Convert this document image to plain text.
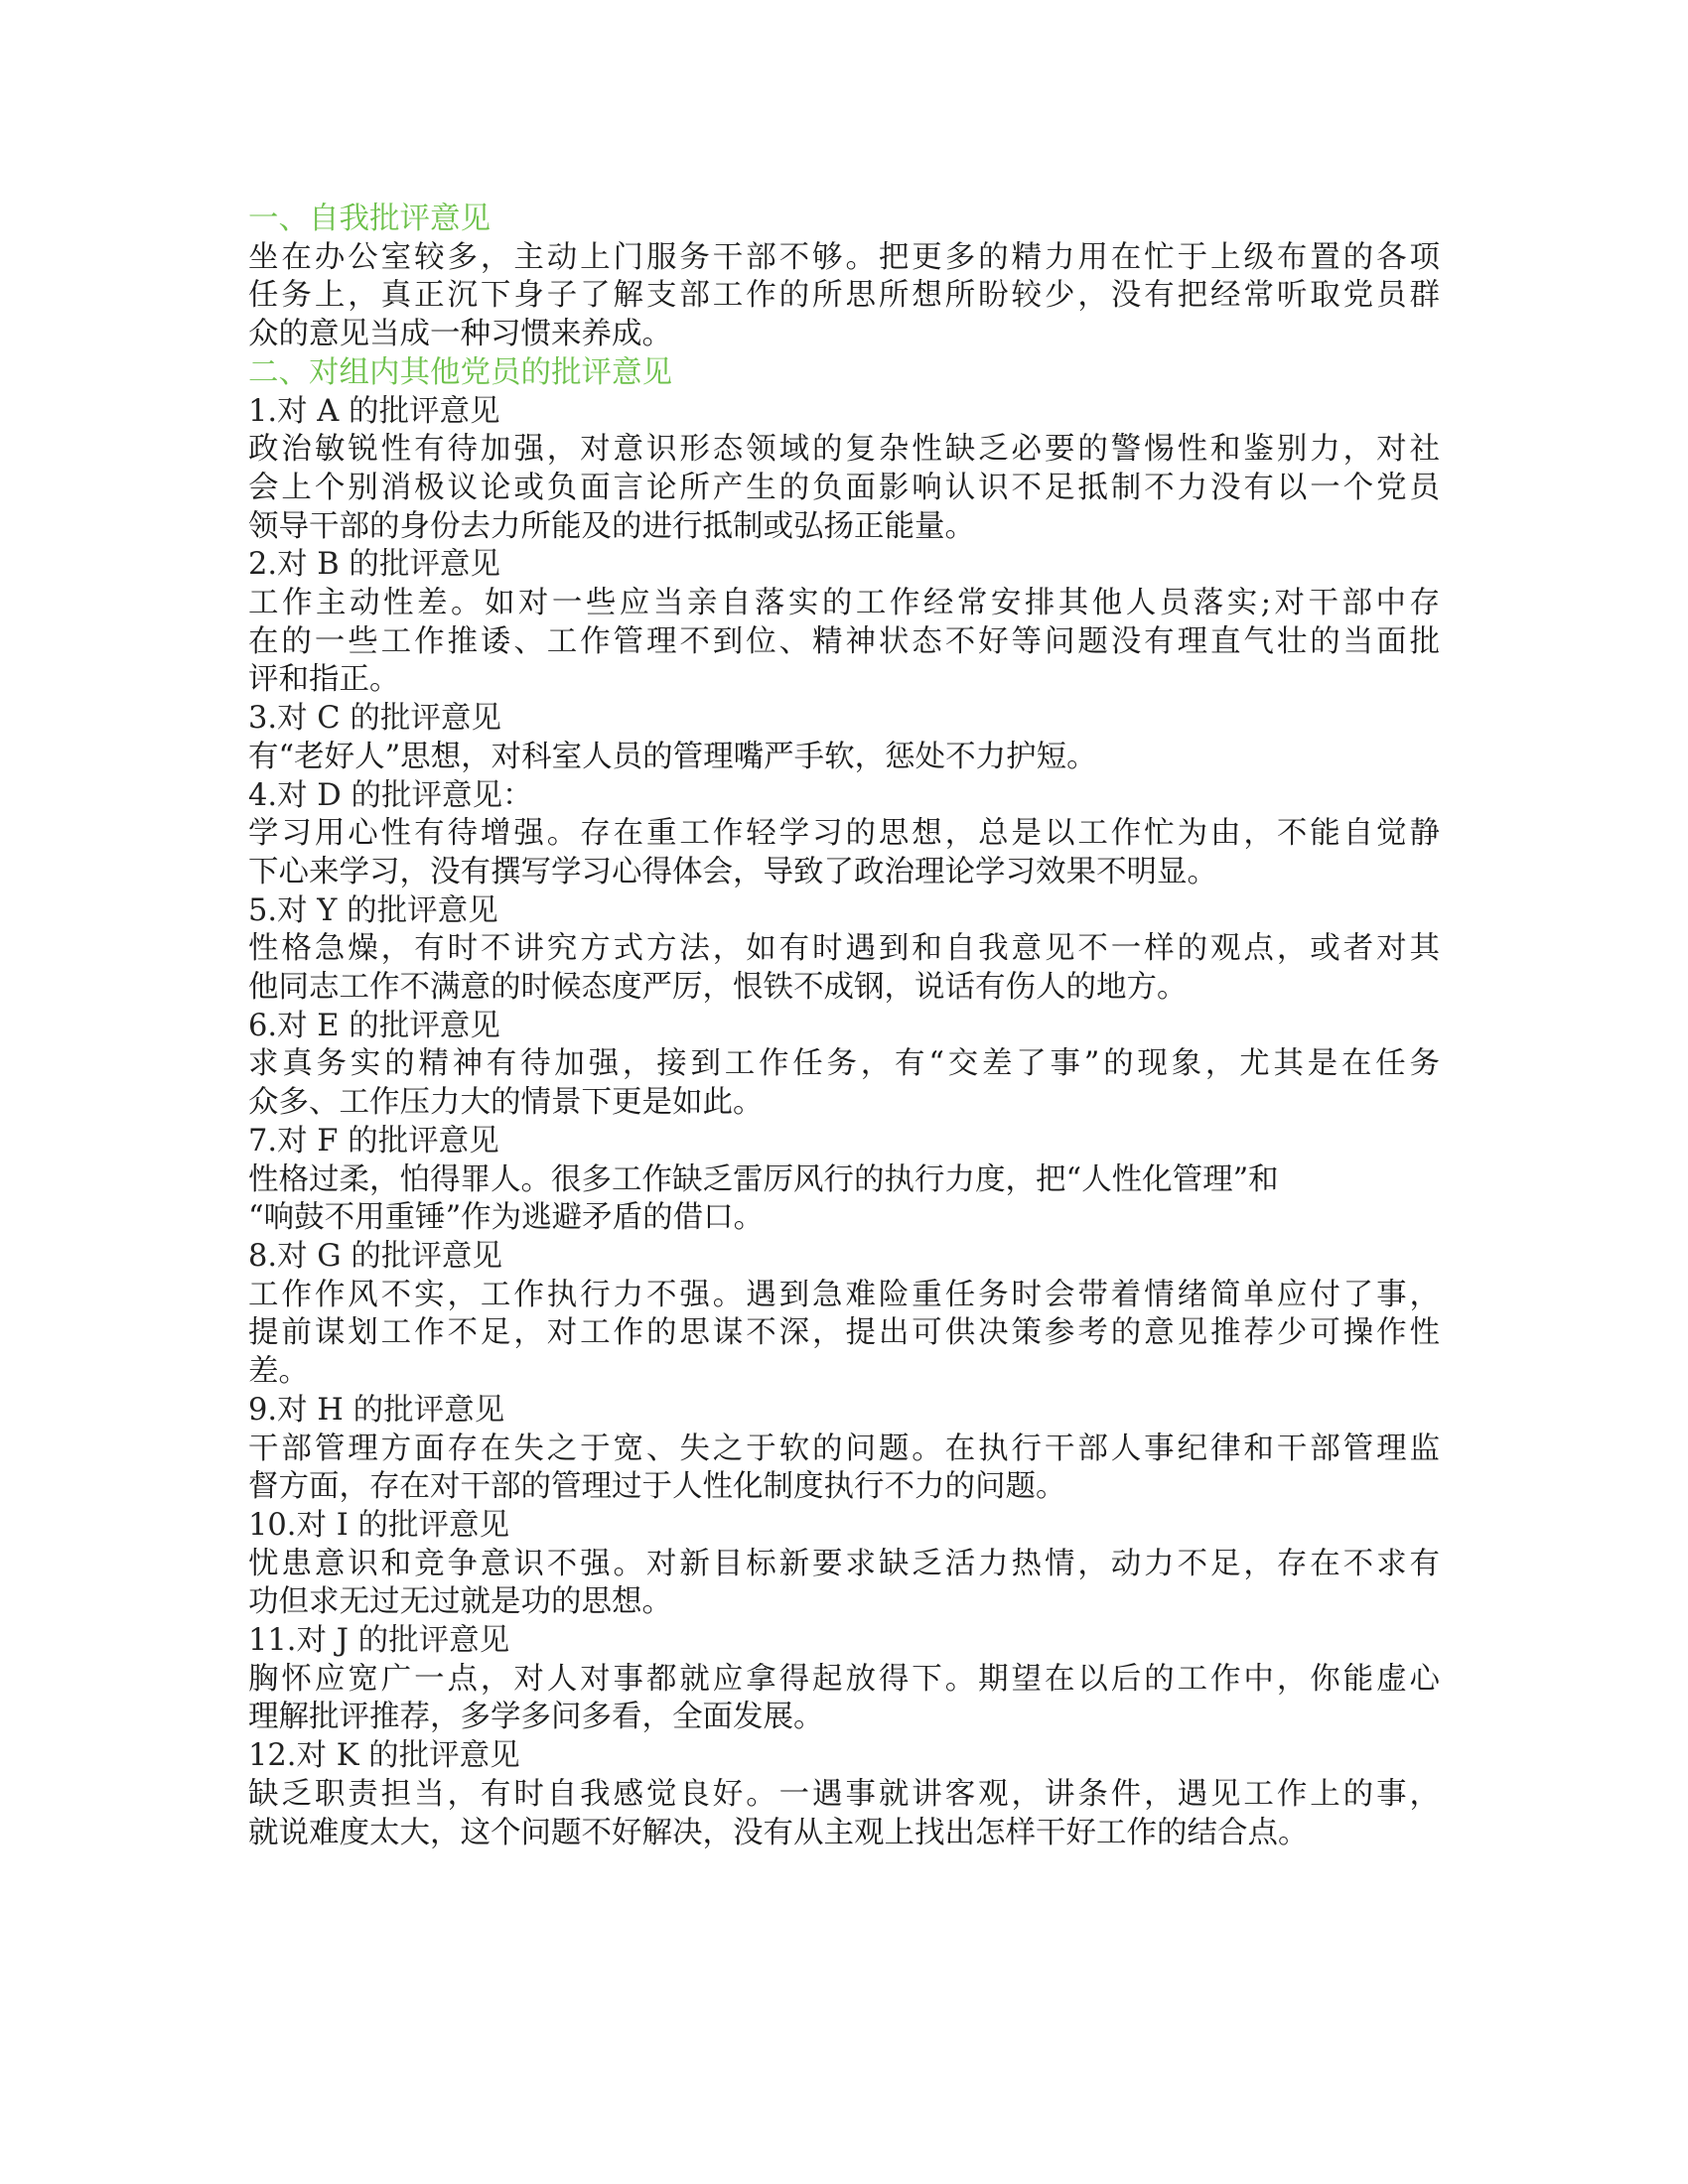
一、自我批评意见
坐在办公室较多，主动上门服务干部不够。把更多的精力用在忙于上级布置的各项
任务上，真正沉下身子了解支部工作的所思所想所盼较少，没有把经常听取党员群
众的意见当成一种习惯来养成。
二、对组内其他党员的批评意见
1.对 A 的批评意见
政治敏锐性有待加强，对意识形态领域的复杂性缺乏必要的警惕性和鉴别力，对社
会上个别消极议论或负面言论所产生的负面影响认识不足抵制不力没有以一个党员
领导干部的身份去力所能及的进行抵制或弘扬正能量。
2.对 B 的批评意见
工作主动性差。如对一些应当亲自落实的工作经常安排其他人员落实;对干部中存
在的一些工作推诿、工作管理不到位、精神状态不好等问题没有理直气壮的当面批
评和指正。
3.对 C 的批评意见
有“老好人”思想，对科室人员的管理嘴严手软，惩处不力护短。
4.对 D 的批评意见：
学习用心性有待增强。存在重工作轻学习的思想，总是以工作忙为由，不能自觉静
下心来学习，没有撰写学习心得体会，导致了政治理论学习效果不明显。
5.对 Y 的批评意见
性格急燥，有时不讲究方式方法，如有时遇到和自我意见不一样的观点，或者对其
他同志工作不满意的时候态度严厉，恨铁不成钢，说话有伤人的地方。
6.对 E 的批评意见
求真务实的精神有待加强，接到工作任务，有“交差了事”的现象，尤其是在任务
众多、工作压力大的情景下更是如此。
7.对 F 的批评意见
性格过柔，怕得罪人。很多工作缺乏雷厉风行的执行力度，把“人性化管理”和
“响鼓不用重锤”作为逃避矛盾的借口。
8.对 G 的批评意见
工作作风不实，工作执行力不强。遇到急难险重任务时会带着情绪简单应付了事，
提前谋划工作不足，对工作的思谋不深，提出可供决策参考的意见推荐少可操作性
差。
9.对 H 的批评意见
干部管理方面存在失之于宽、失之于软的问题。在执行干部人事纪律和干部管理监
督方面，存在对干部的管理过于人性化制度执行不力的问题。
10.对 I 的批评意见
忧患意识和竞争意识不强。对新目标新要求缺乏活力热情，动力不足，存在不求有
功但求无过无过就是功的思想。
11.对 J 的批评意见
胸怀应宽广一点，对人对事都就应拿得起放得下。期望在以后的工作中，你能虚心
理解批评推荐，多学多问多看，全面发展。
12.对 K 的批评意见
缺乏职责担当，有时自我感觉良好。一遇事就讲客观，讲条件，遇见工作上的事，
就说难度太大，这个问题不好解决，没有从主观上找出怎样干好工作的结合点。
